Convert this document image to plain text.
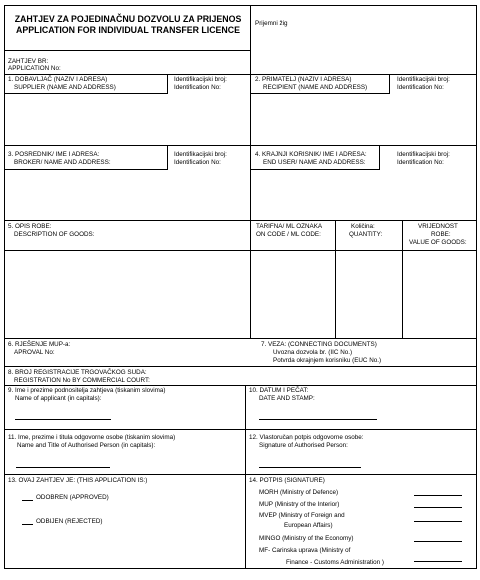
ZAHTJEV ZA POJEDINAČNU DOZVOLU ZA PRIJENOS
APPLICATION FOR INDIVIDUAL TRANSFER LICENCE
Prijemni žig
ZAHTJEV BR:
APPLICATION No:
1. DOBAVLJAČ (NAZIV I ADRESA)
SUPPLIER (NAME AND ADDRESS)
Identifikacijski broj:
Identification No:
2. PRIMATELJ (NAZIV I ADRESA)
RECIPIENT (NAME AND ADDRESS)
Identifikacijski broj:
Identification No:
3. POSREDNIK/ IME I ADRESA:
BROKER/ NAME AND ADDRESS:
Identifikacijski broj:
Identification No:
4. KRAJNJI KORISNIK/ IME I ADRESA:
END USER/ NAME AND ADDRESS:
Identifikacijski broj:
Identification No:
5. OPIS ROBE:
DESCRIPTION OF GOODS:
TARIFNA/ ML OZNAKA
ON CODE / ML CODE:
Količina:
QUANTITY:
VRIJEDNOST
ROBE:
VALUE OF GOODS:
6. RJEŠENJE MUP-a:
APROVAL No:
7. VEZA: (CONNECTING DOCUMENTS)
Uvozna dozvola br. (IIC No.)
Potvrda okrajnjem korisniku (EUC No.)
8. BROJ REGISTRACIJE TRGOVAČKOG SUDA:
REGISTRATION No BY COMMERCIAL COURT:
9. Ime i prezime podnositelja zahtjeva (tiskanim slovima)
Name of applicant (in capitals):
10. DATUM I PEČAT:
DATE AND STAMP:
11. Ime, prezime i titula odgovorne osobe (tiskanim slovima)
Name and Title of Authorised Person (in capitals):
12. Vlastoručan potpis odgovorne osobe:
Signature of Authorised Person:
13. OVAJ ZAHTJEV JE: (THIS APPLICATION IS:)
ODOBREN (APPROVED)
ODBIJEN (REJECTED)
14. POTPIS (SIGNATURE)
MORH (Ministry of Defence)
MUP (Ministry of the Interior)
MVEP (Ministry of Foreign and
European Affairs)
MINGO (Ministry of the Economy)
MF- Carinska uprava (Ministry of
Finance - Customs Administration )
